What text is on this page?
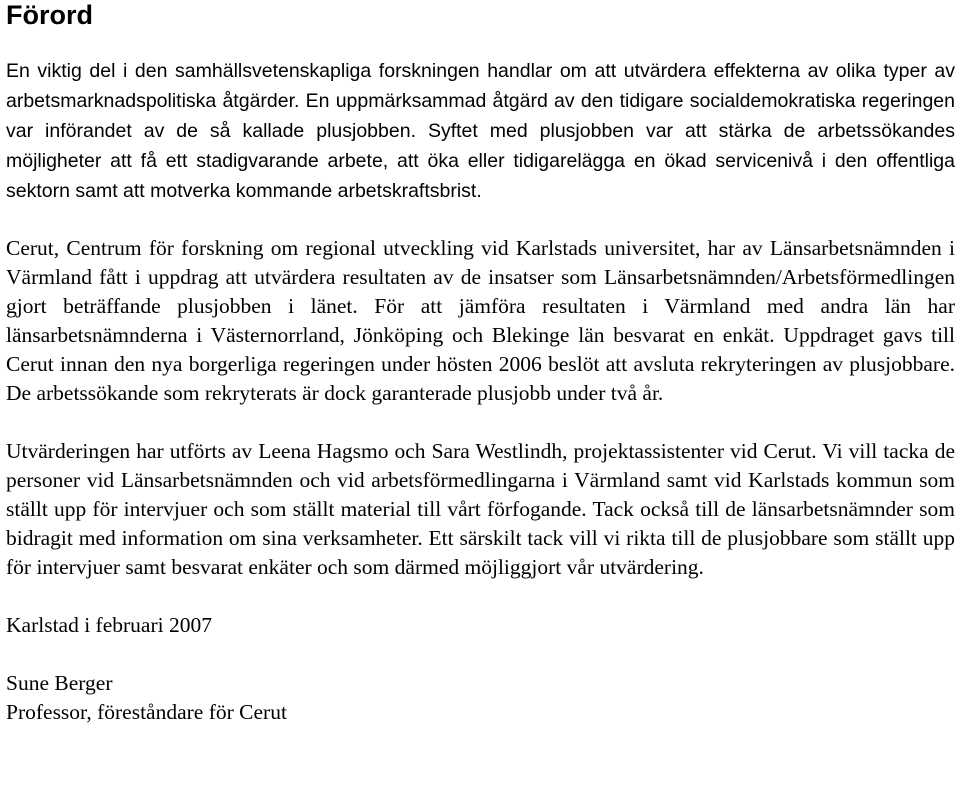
Förord

En viktig del i den samhällsvetenskapliga forskningen handlar om att utvärdera effekterna av olika typer av arbetsmarknadspolitiska åtgärder. En uppmärksammad åtgärd av den tidigare socialdemokratiska regeringen var införandet av de så kallade plusjobben. Syftet med plusjobben var att stärka de arbetssökandes möjligheter att få ett stadigvarande arbete, att öka eller tidigarelägga en ökad servicenivå i den offentliga sektorn samt att motverka kommande arbetskraftsbrist.

Cerut, Centrum för forskning om regional utveckling vid Karlstads universitet, har av Länsarbetsnämnden i Värmland fått i uppdrag att utvärdera resultaten av de insatser som Länsarbetsnämnden/Arbetsförmedlingen gjort beträffande plusjobben i länet. För att jämföra resultaten i Värmland med andra län har länsarbetsnämnderna i Västernorrland, Jönköping och Blekinge län besvarat en enkät. Uppdraget gavs till Cerut innan den nya borgerliga regeringen under hösten 2006 beslöt att avsluta rekryteringen av plusjobbare. De arbetssökande som rekryterats är dock garanterade plusjobb under två år.

Utvärderingen har utförts av Leena Hagsmo och Sara Westlindh, projektassistenter vid Cerut. Vi vill tacka de personer vid Länsarbetsnämnden och vid arbetsförmedlingarna i Värmland samt vid Karlstads kommun som ställt upp för intervjuer och som ställt material till vårt förfogande. Tack också till de länsarbetsnämnder som bidragit med information om sina verksamheter. Ett särskilt tack vill vi rikta till de plusjobbare som ställt upp för intervjuer samt besvarat enkäter och som därmed möjliggjort vår utvärdering.

Karlstad i februari 2007
Sune Berger
Professor, föreståndare för Cerut
